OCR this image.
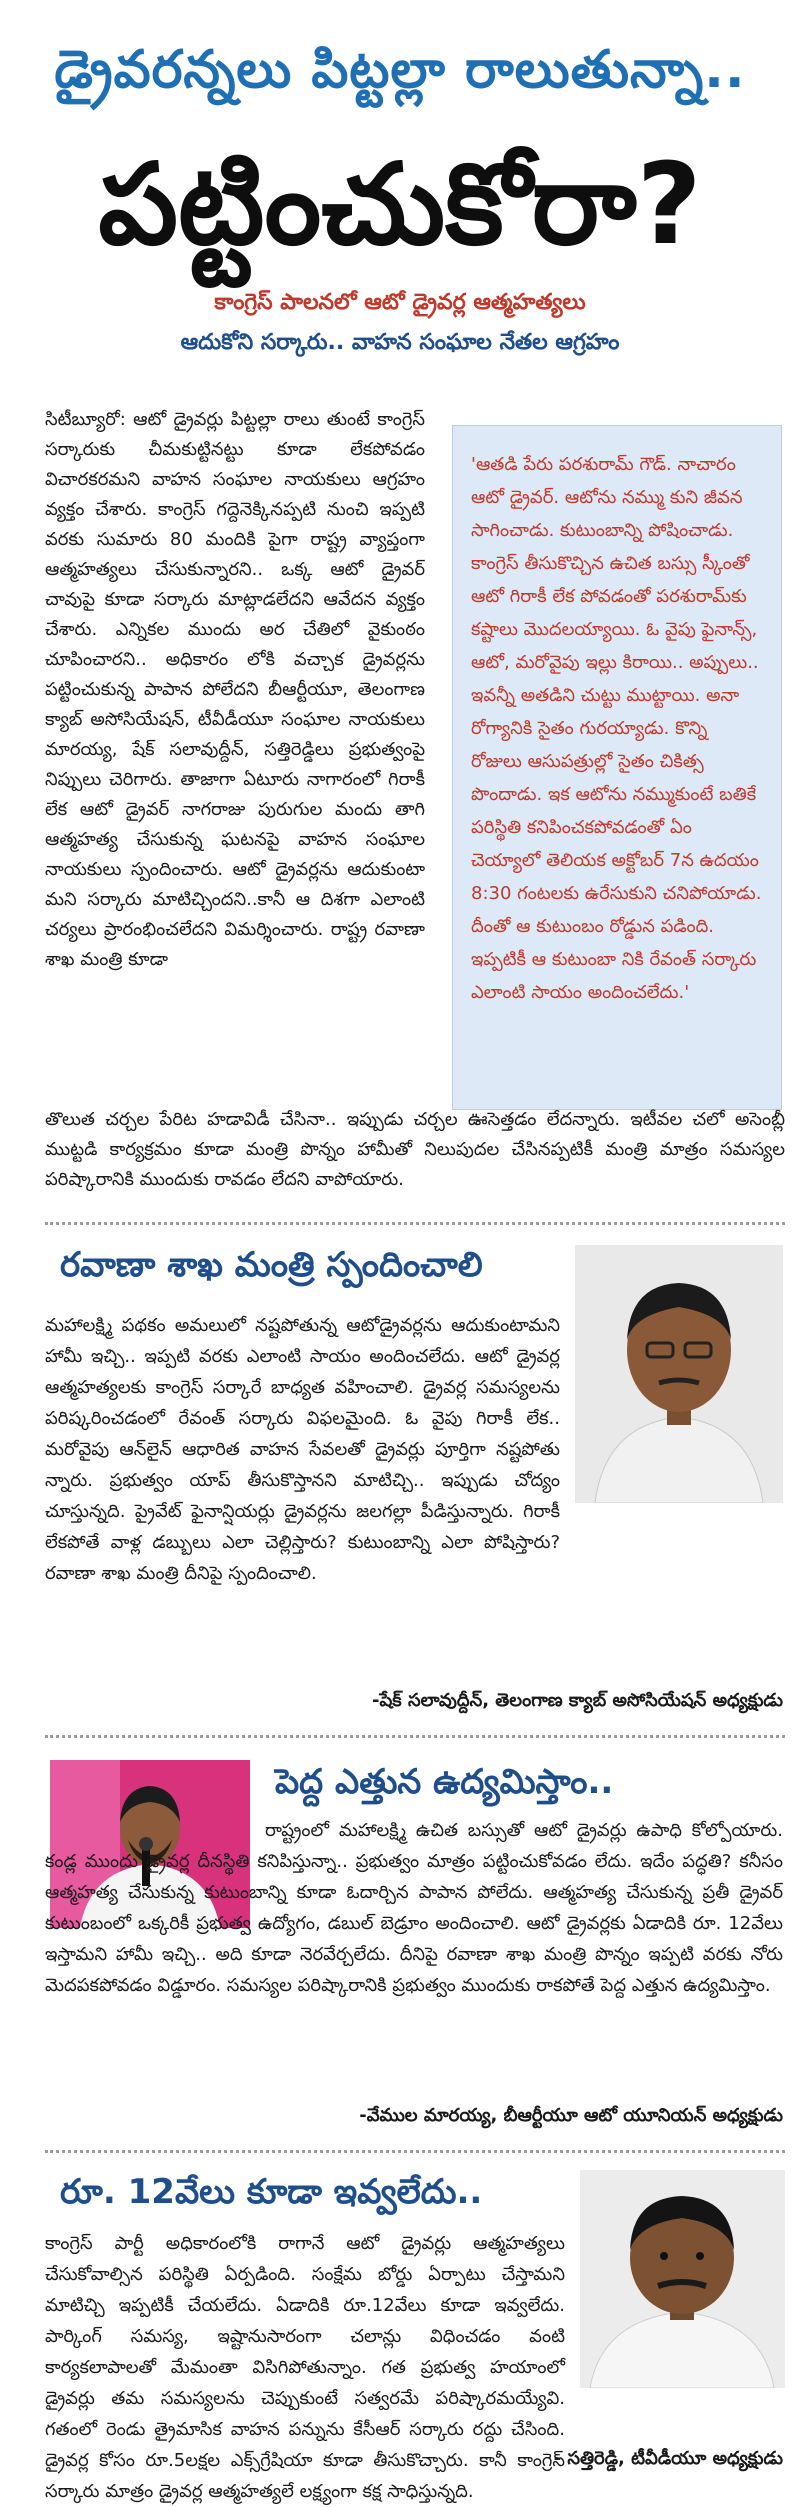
డ్రైవరన్నలు పిట్టల్లా రాలుతున్నా..
పట్టించుకోరా?
కాంగ్రెస్ పాలనలో ఆటో డ్రైవర్ల ఆత్మహత్యలు
ఆదుకోని సర్కారు.. వాహన సంఘాల నేతల ఆగ్రహం
సిటీబ్యూరో: ఆటో డ్రైవర్లు పిట్టల్లా రాలు తుంటే కాంగ్రెస్ సర్కారుకు చీమకుట్టినట్టు కూడా లేకపోవడం విచారకరమని వాహన సంఘాల నాయకులు ఆగ్రహం వ్యక్తం చేశారు. కాంగ్రెస్ గద్దెనెక్కినప్పటి నుంచి ఇప్పటి వరకు సుమారు 80 మందికి పైగా రాష్ట్ర వ్యాప్తంగా ఆత్మహత్యలు చేసుకున్నారని.. ఒక్క ఆటో డ్రైవర్ చావుపై కూడా సర్కారు మాట్లాడలేదని ఆవేదన వ్యక్తం చేశారు. ఎన్నికల ముందు అర చేతిలో వైకుంఠం చూపించారని.. అధికారం లోకి వచ్చాక డ్రైవర్లను పట్టించుకున్న పాపాన పోలేదని బీఆర్టీయూ, తెలంగాణ క్యాబ్ అసోసియేషన్, టీవీడీయూ సంఘాల నాయకులు మారయ్య, షేక్ సలావుద్దీన్, సత్తిరెడ్డిలు ప్రభుత్వంపై నిప్పులు చెరిగారు. తాజాగా ఏటూరు నాగారంలో గిరాకీ లేక ఆటో డ్రైవర్ నాగరాజు పురుగుల మందు తాగి ఆత్మహత్య చేసుకున్న ఘటనపై వాహన సంఘాల నాయకులు స్పందించారు. ఆటో డ్రైవర్లను ఆదుకుంటా మని సర్కారు మాటిచ్చిందని..కానీ ఆ దిశగా ఎలాంటి చర్యలు ప్రారంభించలేదని విమర్శించారు. రాష్ట్ర రవాణా శాఖ మంత్రి కూడా
'ఆతడి పేరు పరశురామ్ గౌడ్. నాచారం ఆటో డ్రైవర్. ఆటోను నమ్ము కుని జీవన సాగించాడు. కుటుంబాన్ని పోషించాడు. కాంగ్రెస్ తీసుకొచ్చిన ఉచిత బస్సు స్కీంతో ఆటో గిరాకీ లేక పోవడంతో పరశురామ్‌కు కష్టాలు మొదలయ్యాయి. ఓ వైపు ఫైనాన్స్, ఆటో, మరోవైపు ఇల్లు కిరాయి.. అప్పులు.. ఇవన్నీ అతడిని చుట్టు ముట్టాయి. అనా రోగ్యానికి సైతం గురయ్యాడు. కొన్ని రోజులు ఆసుపత్రుల్లో సైతం చికిత్స పొందాడు. ఇక ఆటోను నమ్ముకుంటే బతికే పరిస్థితి కనిపించకపోవడంతో ఏం చెయ్యాలో తెలియక అక్టోబర్ 7న ఉదయం 8:30 గంటలకు ఉరేసుకుని చనిపోయాడు. దీంతో ఆ కుటుంబం రోడ్డున పడింది. ఇప్పటికీ ఆ కుటుంబా నికి రేవంత్ సర్కారు ఎలాంటి సాయం అందించలేదు.'
తొలుత చర్చల పేరిట హడావిడీ చేసినా.. ఇప్పుడు చర్చల ఊసెత్తడం లేదన్నారు. ఇటీవల చలో అసెంబ్లీ ముట్టడి కార్యక్రమం కూడా మంత్రి పొన్నం హామీతో నిలుపుదల చేసినప్పటికీ మంత్రి మాత్రం సమస్యల పరిష్కారానికి ముందుకు రావడం లేదని వాపోయారు.
రవాణా శాఖ మంత్రి స్పందించాలి
మహాలక్ష్మి పథకం అమలులో నష్టపోతున్న ఆటోడ్రైవర్లను ఆదుకుంటామని హామీ ఇచ్చి.. ఇప్పటి వరకు ఎలాంటి సాయం అందించలేదు. ఆటో డ్రైవర్ల ఆత్మహత్యలకు కాంగ్రెస్ సర్కారే బాధ్యత వహించాలి. డ్రైవర్ల సమస్యలను పరిష్కరించడంలో రేవంత్ సర్కారు విఫలమైంది. ఓ వైపు గిరాకీ లేక.. మరోవైపు ఆన్‌లైన్ ఆధారిత వాహన సేవలతో డ్రైవర్లు పూర్తిగా నష్టపోతు న్నారు. ప్రభుత్వం యాప్ తీసుకొస్తానని మాటిచ్చి.. ఇప్పుడు చోద్యం చూస్తున్నది. ప్రైవేట్ ఫైనాన్షియర్లు డ్రైవర్లను జలగల్లా పీడిస్తున్నారు. గిరాకీ లేకపోతే వాళ్ల డబ్బులు ఎలా చెల్లిస్తారు? కుటుంబాన్ని ఎలా పోషిస్తారు? రవాణా శాఖ మంత్రి దీనిపై స్పందించాలి.
-షేక్ సలావుద్దీన్, తెలంగాణ క్యాబ్ అసోసియేషన్ అధ్యక్షుడు
పెద్ద ఎత్తున ఉద్యమిస్తాం..
రాష్ట్రంలో మహాలక్ష్మి ఉచిత బస్సుతో ఆటో డ్రైవర్లు ఉపాధి కోల్పోయారు. కండ్ల ముందు డ్రైవర్ల దీనస్థితి కనిపిస్తున్నా.. ప్రభుత్వం మాత్రం పట్టించుకోవడం లేదు. ఇదేం పద్ధతి? కనీసం ఆత్మహత్య చేసుకున్న కుటుంబాన్ని కూడా ఓదార్చిన పాపాన పోలేదు. ఆత్మహత్య చేసుకున్న ప్రతీ డ్రైవర్ కుటుంబంలో ఒక్కరికీ ప్రభుత్వ ఉద్యోగం, డబుల్ బెడ్రూం అందించాలి. ఆటో డ్రైవర్లకు ఏడాదికి రూ. 12వేలు ఇస్తామని హామీ ఇచ్చి.. అది కూడా నెరవేర్చలేదు. దీనిపై రవాణా శాఖ మంత్రి పొన్నం ఇప్పటి వరకు నోరు మెదపకపోవడం విడ్డూరం. సమస్యల పరిష్కారానికి ప్రభుత్వం ముందుకు రాకపోతే పెద్ద ఎత్తున ఉద్యమిస్తాం.
-వేముల మారయ్య, బీఆర్టీయూ ఆటో యూనియన్ అధ్యక్షుడు
రూ. 12వేలు కూడా ఇవ్వలేదు..
కాంగ్రెస్ పార్టీ అధికారంలోకి రాగానే ఆటో డ్రైవర్లు ఆత్మహత్యలు చేసుకోవాల్సిన పరిస్థితి ఏర్పడింది. సంక్షేమ బోర్డు ఏర్పాటు చేస్తామని మాటిచ్చి ఇప్పటికీ చేయలేదు. ఏడాదికి రూ.12వేలు కూడా ఇవ్వలేదు. పార్కింగ్ సమస్య, ఇష్టానుసారంగా చలాన్లు విధించడం వంటి కార్యకలాపాలతో మేమంతా విసిగిపోతున్నాం. గత ప్రభుత్వ హయాంలో డ్రైవర్లు తమ సమస్యలను చెప్పుకుంటే సత్వరమే పరిష్కారమయ్యేవి. గతంలో రెండు త్రైమాసిక వాహన పన్నును కేసీఆర్ సర్కారు రద్దు చేసింది. డ్రైవర్ల కోసం రూ.5లక్షల ఎక్స్‌గ్రేషియా కూడా తీసుకొచ్చారు. కానీ కాంగ్రెస్ సర్కారు మాత్రం డ్రైవర్ల ఆత్మహత్యలే లక్ష్యంగా కక్ష సాధిస్తున్నది.
- సత్తిరెడ్డి, టీవీడీయూ అధ్యక్షుడు
